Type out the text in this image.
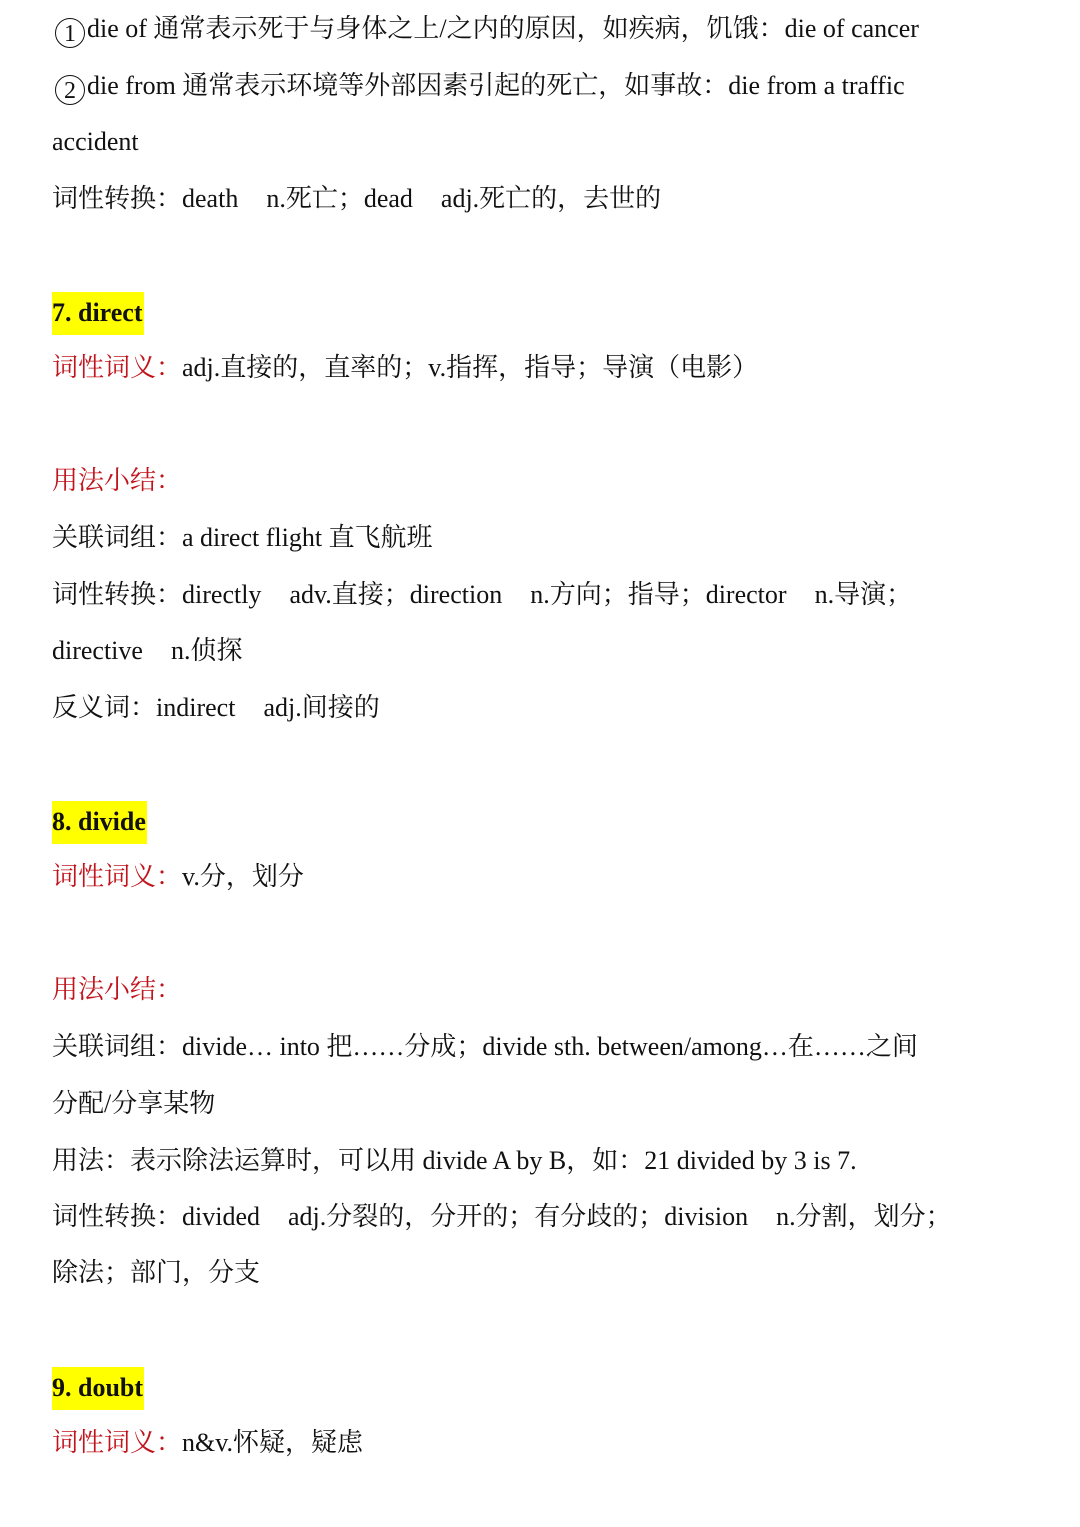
1 die of 通常表示死于与身体之上/之内的原因，如疾病，饥饿：die of cancer
2 die from 通常表示环境等外部因素引起的死亡，如事故：die from a traffic
accident
词性转换：death n.死亡；dead adj.死亡的，去世的
7. direct
词性词义：adj.直接的，直率的；v.指挥，指导；导演（电影）
用法小结：
关联词组：a direct flight 直飞航班
词性转换：directly adv.直接；direction n.方向；指导；director n.导演；
directive n.侦探
反义词：indirect adj.间接的
8. divide
词性词义：v.分，划分
用法小结：
关联词组：divide… into 把……分成；divide sth. between/among…在……之间
分配/分享某物
用法：表示除法运算时，可以用 divide A by B，如：21 divided by 3 is 7.
词性转换：divided adj.分裂的，分开的；有分歧的；division n.分割，划分；
除法；部门，分支
9. doubt
词性词义：n&v.怀疑，疑虑
